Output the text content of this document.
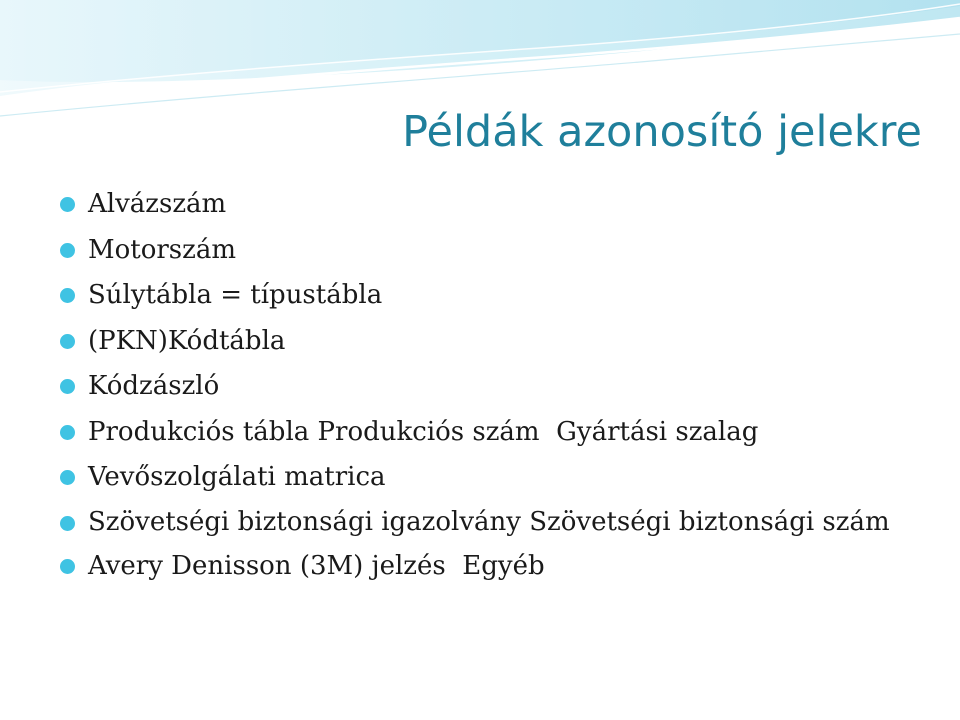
Példák azonosító jelekre
Alvázszám
Motorszám
Súlytábla = típustábla
(PKN)Kódtábla
Kódzászló
Produkciós tábla Produkciós szám  Gyártási szalag
Vevőszolgálati matrica
Szövetségi biztonsági igazolvány Szövetségi biztonsági szám
Avery Denisson (3M) jelzés  Egyéb
